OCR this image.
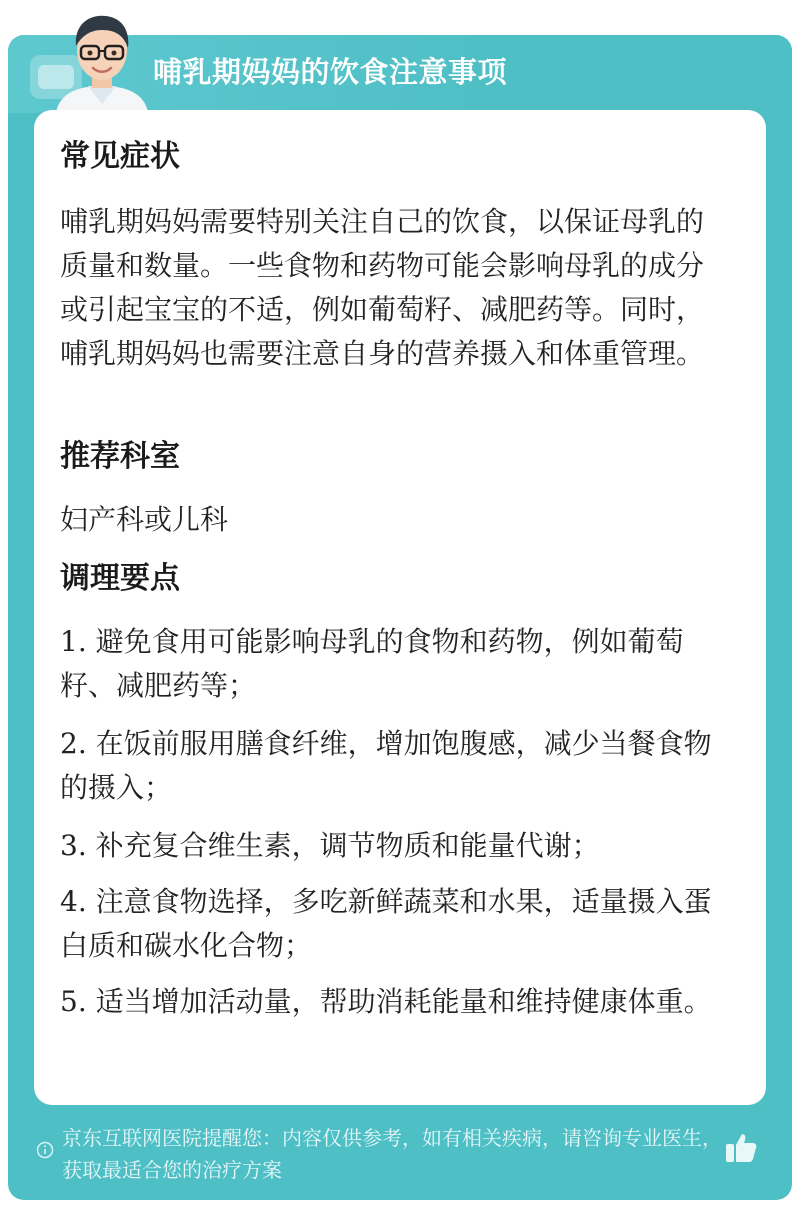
哺乳期妈妈的饮食注意事项
常见症状

哺乳期妈妈需要特别关注自己的饮食，以保证母乳的质量和数量。一些食物和药物可能会影响母乳的成分或引起宝宝的不适，例如葡萄籽、减肥药等。同时，哺乳期妈妈也需要注意自身的营养摄入和体重管理。

推荐科室

妇产科或儿科

调理要点
1. 避免食用可能影响母乳的食物和药物，例如葡萄籽、减肥药等；
2. 在饭前服用膳食纤维，增加饱腹感，减少当餐食物的摄入；
3. 补充复合维生素，调节物质和能量代谢；
4. 注意食物选择，多吃新鲜蔬菜和水果，适量摄入蛋白质和碳水化合物；
5. 适当增加活动量，帮助消耗能量和维持健康体重。
京东互联网医院提醒您：内容仅供参考，如有相关疾病，请咨询专业医生，获取最适合您的治疗方案
